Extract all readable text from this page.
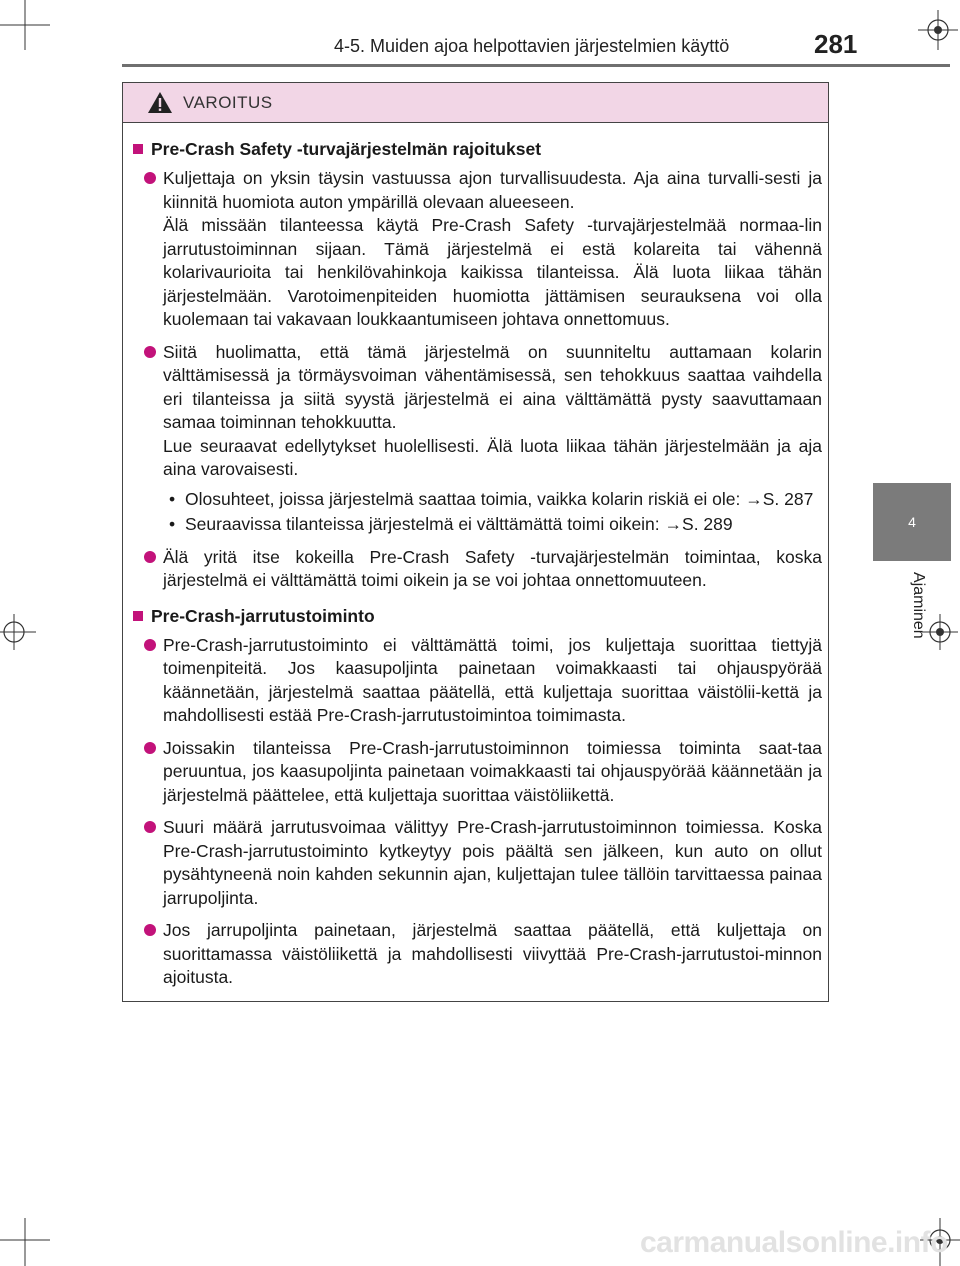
4-5. Muiden ajoa helpottavien järjestelmien käyttö	281
4
Ajaminen
VAROITUS
Pre-Crash Safety -turvajärjestelmän rajoitukset

Kuljettaja on yksin täysin vastuussa ajon turvallisuudesta. Aja aina turvalli-sesti ja kiinnitä huomiota auton ympärillä olevaan alueeseen.

Älä missään tilanteessa käytä Pre-Crash Safety -turvajärjestelmää normaa-lin jarrutustoiminnan sijaan. Tämä järjestelmä ei estä kolareita tai vähennä kolarivaurioita tai henkilövahinkoja kaikissa tilanteissa. Älä luota liikaa tähän järjestelmään. Varotoimenpiteiden huomiotta jättämisen seurauksena voi olla kuolemaan tai vakavaan loukkaantumiseen johtava onnettomuus.

Siitä huolimatta, että tämä järjestelmä on suunniteltu auttamaan kolarin välttämisessä ja törmäysvoiman vähentämisessä, sen tehokkuus saattaa vaihdella eri tilanteissa ja siitä syystä järjestelmä ei aina välttämättä pysty saavuttamaan samaa toiminnan tehokkuutta.

Lue seuraavat edellytykset huolellisesti. Älä luota liikaa tähän järjestelmään ja aja aina varovaisesti.

• Olosuhteet, joissa järjestelmä saattaa toimia, vaikka kolarin riskiä ei ole: →S. 287
• Seuraavissa tilanteissa järjestelmä ei välttämättä toimi oikein: →S. 289

Älä yritä itse kokeilla Pre-Crash Safety -turvajärjestelmän toimintaa, koska järjestelmä ei välttämättä toimi oikein ja se voi johtaa onnettomuuteen.

Pre-Crash-jarrutustoiminto

Pre-Crash-jarrutustoiminto ei välttämättä toimi, jos kuljettaja suorittaa tiettyjä toimenpiteitä. Jos kaasupoljinta painetaan voimakkaasti tai ohjauspyörää käännetään, järjestelmä saattaa päätellä, että kuljettaja suorittaa väistölii-kettä ja mahdollisesti estää Pre-Crash-jarrutustoimintoa toimimasta.

Joissakin tilanteissa Pre-Crash-jarrutustoiminnon toimiessa toiminta saat-taa peruuntua, jos kaasupoljinta painetaan voimakkaasti tai ohjauspyörää käännetään ja järjestelmä päättelee, että kuljettaja suorittaa väistöliikettä.

Suuri määrä jarrutusvoimaa välittyy Pre-Crash-jarrutustoiminnon toimiessa. Koska Pre-Crash-jarrutustoiminto kytkeytyy pois päältä sen jälkeen, kun auto on ollut pysähtyneenä noin kahden sekunnin ajan, kuljettajan tulee tällöin tarvittaessa painaa jarrupoljinta.

Jos jarrupoljinta painetaan, järjestelmä saattaa päätellä, että kuljettaja on suorittamassa väistöliikettä ja mahdollisesti viivyttää Pre-Crash-jarrutustoi-minnon ajoitusta.

carmanualsonline.info
